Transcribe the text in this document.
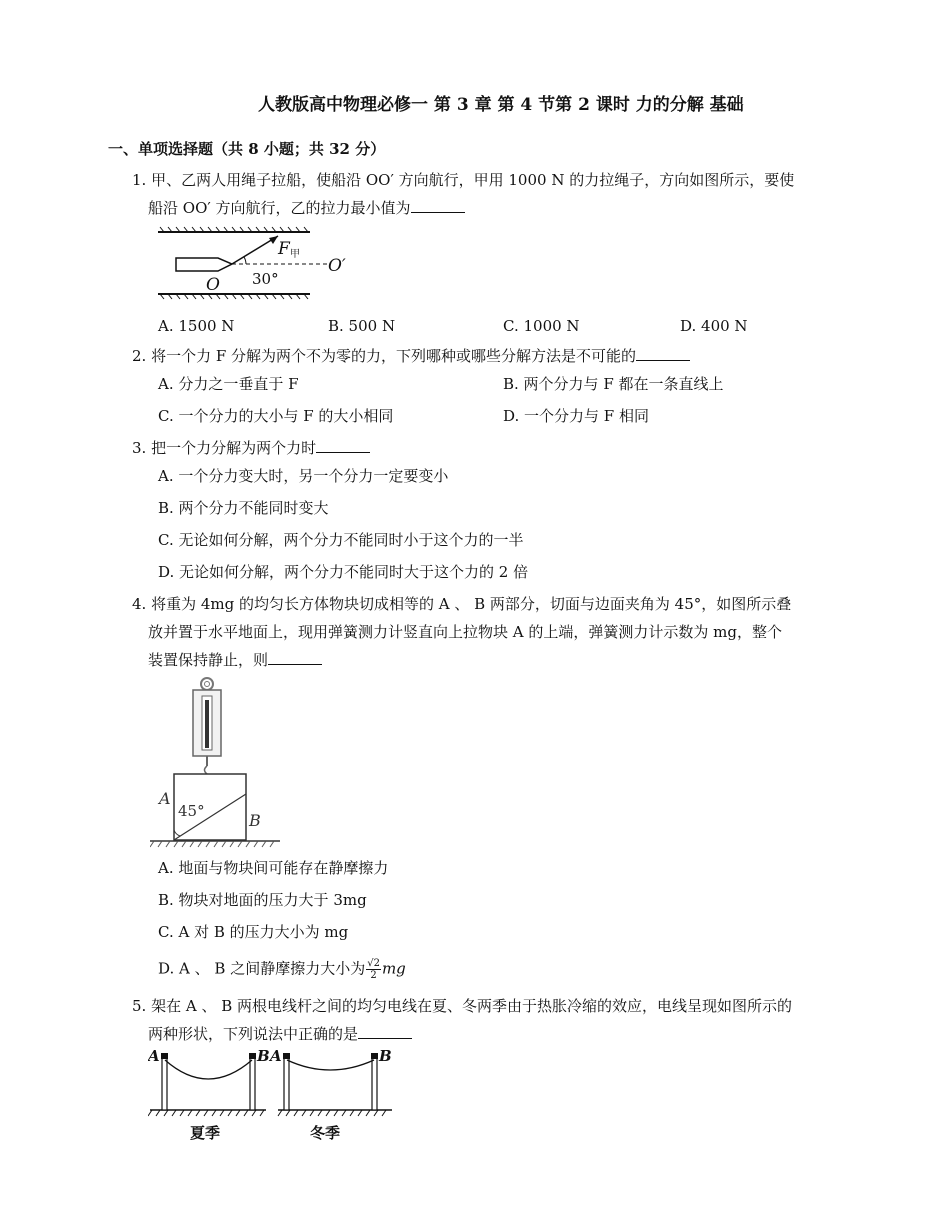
人教版高中物理必修一 第 3 章 第 4 节第 2 课时 力的分解 基础
一、单项选择题（共 8 小题；共 32 分）
1. 甲、乙两人用绳子拉船，使船沿 OO′ 方向航行，甲用 1000 N 的力拉绳子，方向如图所示，要使
船沿 OO′ 方向航行，乙的拉力最小值为
F 甲
30°
O
O′
A. 1500 N	B. 500 N	C. 1000 N	D. 400 N
2. 将一个力 F 分解为两个不为零的力，下列哪种或哪些分解方法是不可能的
A. 分力之一垂直于 F	B. 两个分力与 F 都在一条直线上
C. 一个分力的大小与 F 的大小相同	D. 一个分力与 F 相同
3. 把一个力分解为两个力时
A. 一个分力变大时，另一个分力一定要变小
B. 两个分力不能同时变大
C. 无论如何分解，两个分力不能同时小于这个力的一半
D. 无论如何分解，两个分力不能同时大于这个力的 2 倍
4. 将重为 4mg 的均匀长方体物块切成相等的 A 、 B 两部分，切面与边面夹角为 45°，如图所示叠
放并置于水平地面上，现用弹簧测力计竖直向上拉物块 A 的上端，弹簧测力计示数为 mg，整个
装置保持静止，则
A
45°	B
A. 地面与物块间可能存在静摩擦力
B. 物块对地面的压力大于 3mg
C. A 对 B 的压力大小为 mg
D. A 、 B 之间静摩擦力大小为 $\frac{√2}{2}$ mg
5. 架在 A 、 B 两根电线杆之间的均匀电线在夏、冬两季由于热胀冷缩的效应，电线呈现如图所示的
两种形状，下列说法中正确的是
A	B
夏季
A	B
冬季
